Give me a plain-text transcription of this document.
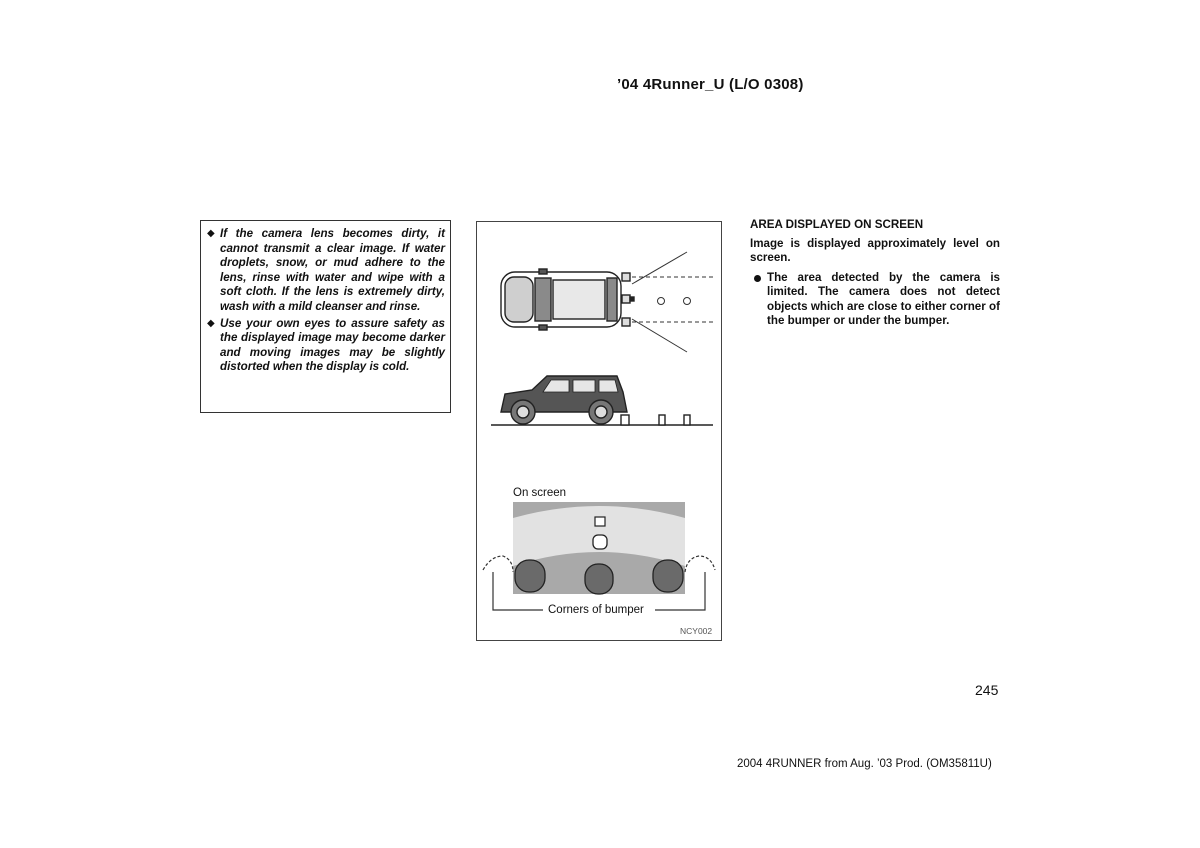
’04 4Runner_U (L/O 0308)
◆ If the camera lens becomes dirty, it cannot transmit a clear image. If water droplets, snow, or mud adhere to the lens, rinse with water and wipe with a soft cloth. If the lens is extremely dirty, wash with a mild cleanser and rinse.
◆ Use your own eyes to assure safety as the displayed image may become darker and moving images may be slightly distorted when the display is cold.
On screen
Corners of bumper
NCY002
AREA DISPLAYED ON SCREEN
Image is displayed approximately level on screen.
The area detected by the camera is limited. The camera does not detect objects which are close to either corner of the bumper or under the bumper.
245
2004 4RUNNER from Aug. ’03 Prod. (OM35811U)
